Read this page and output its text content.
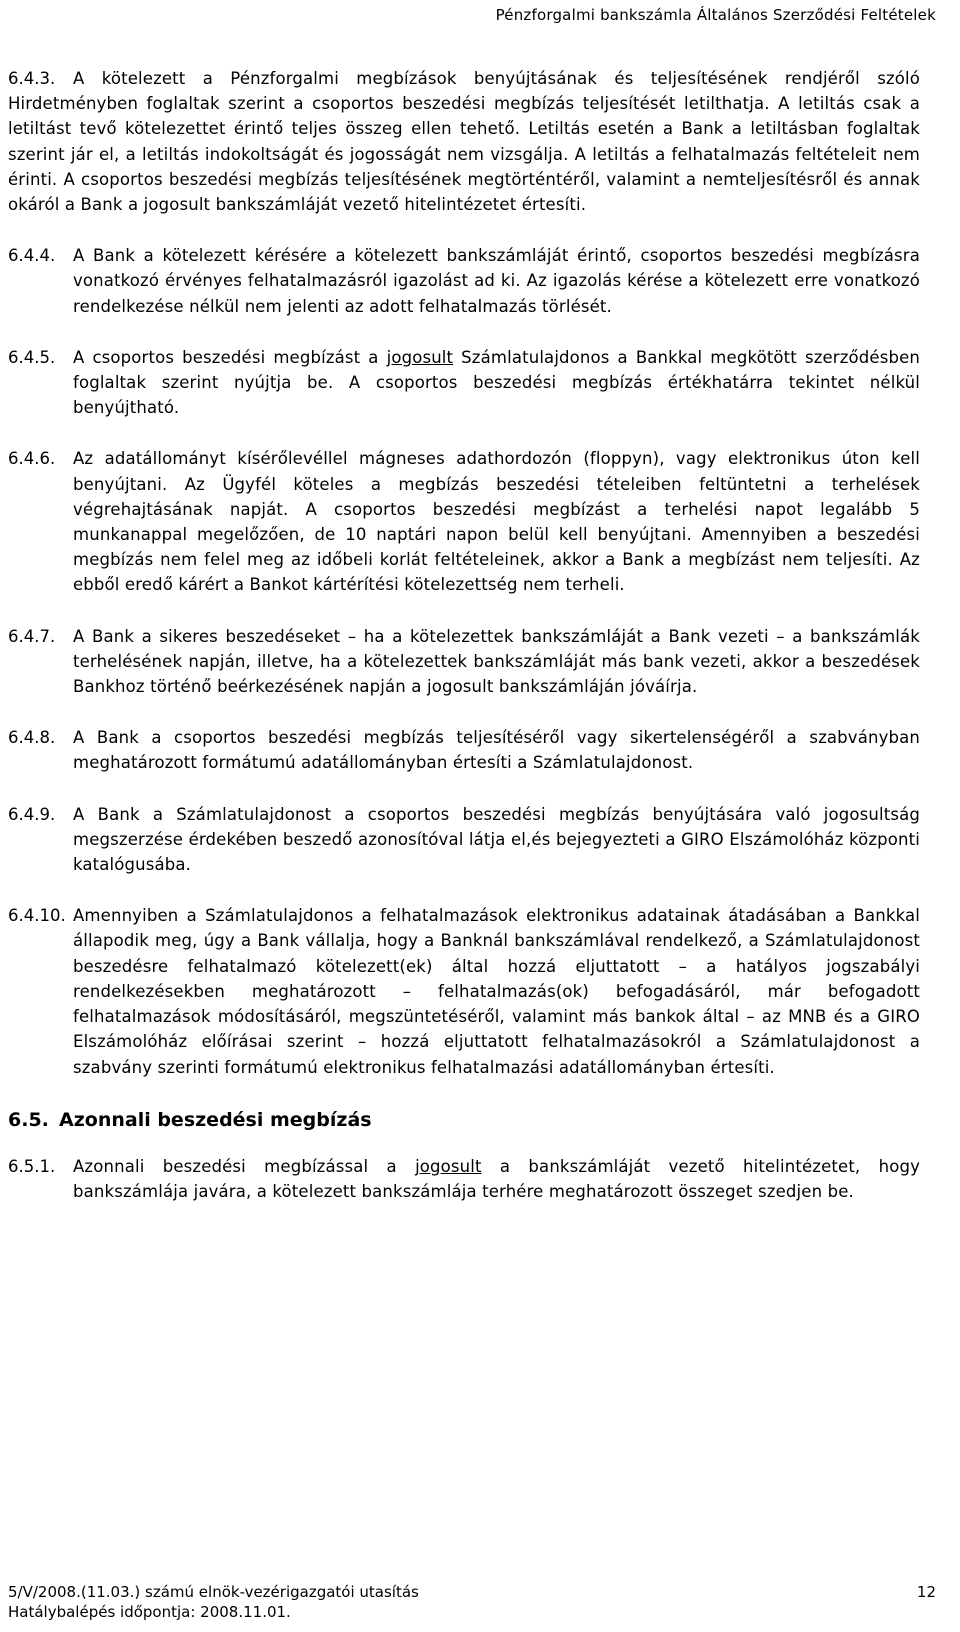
Pénzforgalmi bankszámla Általános Szerződési Feltételek
6.4.3.	A kötelezett a Pénzforgalmi megbízások benyújtásának és teljesítésének rendjéről szóló Hirdetményben foglaltak szerint a csoportos beszedési megbízás teljesítését letilthatja. A letiltás csak a letiltást tevő kötelezettet érintő teljes összeg ellen tehető. Letiltás esetén a Bank a letiltásban foglaltak szerint jár el, a letiltás indokoltságát és jogosságát nem vizsgálja. A letiltás a felhatalmazás feltételeit nem érinti. A csoportos beszedési megbízás teljesítésének megtörténtéről, valamint a nemteljesítésről és annak okáról a Bank a jogosult bankszámláját vezető hitelintézetet értesíti.
6.4.4.	A Bank a kötelezett kérésére a kötelezett bankszámláját érintő, csoportos beszedési megbízásra vonatkozó érvényes felhatalmazásról igazolást ad ki. Az igazolás kérése a kötelezett erre vonatkozó rendelkezése nélkül nem jelenti az adott felhatalmazás törlését.
6.4.5.	A csoportos beszedési megbízást a jogosult Számlatulajdonos a Bankkal megkötött szerződésben foglaltak szerint nyújtja be. A csoportos beszedési megbízás értékhatárra tekintet nélkül benyújtható.
6.4.6.	Az adatállományt kísérőlevéllel mágneses adathordozón (floppyn), vagy elektronikus úton kell benyújtani. Az Ügyfél köteles a megbízás beszedési tételeiben feltüntetni a terhelések végrehajtásának napját. A csoportos beszedési megbízást a terhelési napot legalább 5 munkanappal megelőzően, de 10 naptári napon belül kell benyújtani. Amennyiben a beszedési megbízás nem felel meg az időbeli korlát feltételeinek, akkor a Bank a megbízást nem teljesíti. Az ebből eredő kárért a Bankot kártérítési kötelezettség nem terheli.
6.4.7.	A Bank a sikeres beszedéseket – ha a kötelezettek bankszámláját a Bank vezeti – a bankszámlák terhelésének napján, illetve, ha a kötelezettek bankszámláját más bank vezeti, akkor a beszedések Bankhoz történő beérkezésének napján a jogosult bankszámláján jóváírja.
6.4.8.	A Bank a csoportos beszedési megbízás teljesítéséről vagy sikertelenségéről a szabványban meghatározott formátumú adatállományban értesíti a Számlatulajdonost.
6.4.9.	A Bank a Számlatulajdonost a csoportos beszedési megbízás benyújtására való jogosultság megszerzése érdekében beszedő azonosítóval látja el,és bejegyezteti a GIRO Elszámolóház központi katalógusába.
6.4.10. Amennyiben a Számlatulajdonos a felhatalmazások elektronikus adatainak átadásában a Bankkal állapodik meg, úgy a Bank vállalja, hogy a Banknál bankszámlával rendelkező, a Számlatulajdonost beszedésre felhatalmazó kötelezett(ek) által hozzá eljuttatott – a hatályos jogszabályi rendelkezésekben meghatározott – felhatalmazás(ok) befogadásáról, már befogadott felhatalmazások módosításáról, megszüntetéséről, valamint más bankok által – az MNB és a GIRO Elszámolóház előírásai szerint – hozzá eljuttatott felhatalmazásokról a Számlatulajdonost a szabvány szerinti formátumú elektronikus felhatalmazási adatállományban értesíti.
6.5. Azonnali beszedési megbízás
6.5.1.	Azonnali beszedési megbízással a jogosult a bankszámláját vezető hitelintézetet, hogy bankszámlája javára, a kötelezett bankszámlája terhére meghatározott összeget szedjen be.
5/V/2008.(11.03.) számú elnök-vezérigazgatói utasítás
Hatálybalépés időpontja: 2008.11.01.
12
